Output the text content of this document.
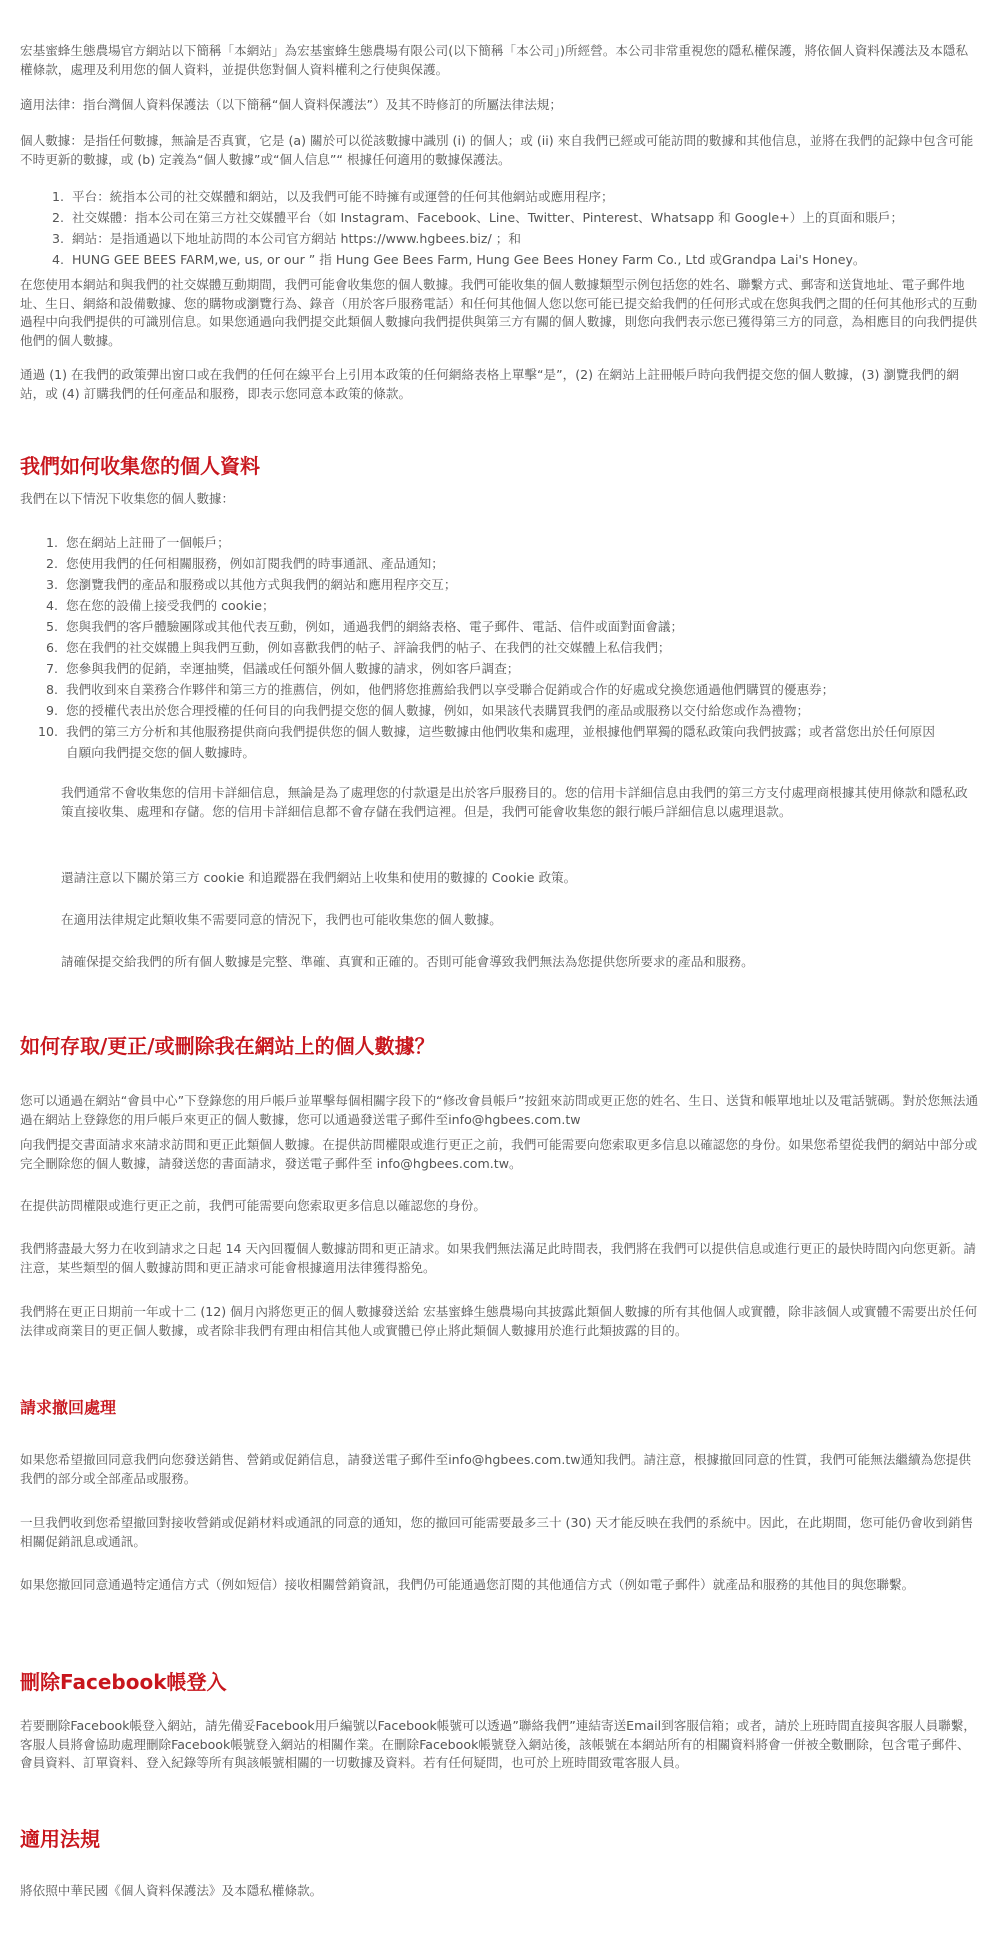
宏基蜜蜂生態農場官方網站以下簡稱「本網站」為宏基蜜蜂生態農場有限公司(以下簡稱「本公司」)所經營。本公司非常重視您的隱私權保護，將依個人資料保護法及本隱私權條款，處理及利用您的個人資料，並提供您對個人資料權利之行使與保護。

適用法律：指台灣個人資料保護法（以下簡稱“個人資料保護法”）及其不時修訂的所屬法律法規；

個人數據：是指任何數據，無論是否真實，它是 (a) 關於可以從該數據中識別 (i) 的個人；或 (ii) 來自我們已經或可能訪問的數據和其他信息，並將在我們的記錄中包含可能不時更新的數據，或 (b) 定義為“個人數據”或“個人信息”“ 根據任何適用的數據保護法。

1. 平台：統指本公司的社交媒體和網站，以及我們可能不時擁有或運營的任何其他網站或應用程序；
2. 社交媒體：指本公司在第三方社交媒體平台（如 Instagram、Facebook、Line、Twitter、Pinterest、Whatsapp 和 Google+）上的頁面和賬戶；
3. 網站：是指通過以下地址訪問的本公司官方網站 https://www.hgbees.biz/ ；和
4. HUNG GEE BEES FARM,we, us, or our ” 指 Hung Gee Bees Farm, Hung Gee Bees Honey Farm Co., Ltd 或Grandpa Lai's Honey。

在您使用本網站和與我們的社交媒體互動期間，我們可能會收集您的個人數據。我們可能收集的個人數據類型示例包括您的姓名、聯繫方式、郵寄和送貨地址、電子郵件地址、生日、網絡和設備數據、您的購物或瀏覽行為、錄音（用於客戶服務電話）和任何其他個人您以您可能已提交給我們的任何形式或在您與我們之間的任何其他形式的互動過程中向我們提供的可識別信息。如果您通過向我們提交此類個人數據向我們提供與第三方有關的個人數據，則您向我們表示您已獲得第三方的同意，為相應目的向我們提供他們的個人數據。

通過 (1) 在我們的政策彈出窗口或在我們的任何在線平台上引用本政策的任何網絡表格上單擊“是”，(2) 在網站上註冊帳戶時向我們提交您的個人數據，(3) 瀏覽我們的網站，或 (4) 訂購我們的任何產品和服務，即表示您同意本政策的條款。

我們如何收集您的個人資料

我們在以下情況下收集您的個人數據：

1. 您在網站上註冊了一個帳戶；
2. 您使用我們的任何相關服務，例如訂閱我們的時事通訊、產品通知；
3. 您瀏覽我們的產品和服務或以其他方式與我們的網站和應用程序交互；
4. 您在您的設備上接受我們的 cookie；
5. 您與我們的客戶體驗團隊或其他代表互動，例如，通過我們的網絡表格、電子郵件、電話、信件或面對面會議；
6. 您在我們的社交媒體上與我們互動，例如喜歡我們的帖子、評論我們的帖子、在我們的社交媒體上私信我們；
7. 您參與我們的促銷，幸運抽獎，倡議或任何額外個人數據的請求，例如客戶調查；
8. 我們收到來自業務合作夥伴和第三方的推薦信，例如，他們將您推薦給我們以享受聯合促銷或合作的好處或兌換您通過他們購買的優惠券；
9. 您的授權代表出於您合理授權的任何目的向我們提交您的個人數據，例如，如果該代表購買我們的產品或服務以交付給您或作為禮物；
10. 我們的第三方分析和其他服務提供商向我們提供您的個人數據，這些數據由他們收集和處理，並根據他們單獨的隱私政策向我們披露；或者當您出於任何原因自願向我們提交您的個人數據時。

我們通常不會收集您的信用卡詳細信息，無論是為了處理您的付款還是出於客戶服務目的。您的信用卡詳細信息由我們的第三方支付處理商根據其使用條款和隱私政策直接收集、處理和存儲。您的信用卡詳細信息都不會存儲在我們這裡。但是，我們可能會收集您的銀行帳戶詳細信息以處理退款。

還請注意以下關於第三方 cookie 和追蹤器在我們網站上收集和使用的數據的 Cookie 政策。

在適用法律規定此類收集不需要同意的情況下，我們也可能收集您的個人數據。

請確保提交給我們的所有個人數據是完整、準確、真實和正確的。否則可能會導致我們無法為您提供您所要求的產品和服務。

如何存取/更正/或刪除我在網站上的個人數據？

您可以通過在網站“會員中心”下登錄您的用戶帳戶並單擊每個相關字段下的“修改會員帳戶”按鈕來訪問或更正您的姓名、生日、送貨和帳單地址以及電話號碼。對於您無法通過在網站上登錄您的用戶帳戶來更正的個人數據，您可以通過發送電子郵件至info@hgbees.com.tw

向我們提交書面請求來請求訪問和更正此類個人數據。在提供訪問權限或進行更正之前，我們可能需要向您索取更多信息以確認您的身份。如果您希望從我們的網站中部分或完全刪除您的個人數據，請發送您的書面請求，發送電子郵件至 info@hgbees.com.tw。

在提供訪問權限或進行更正之前，我們可能需要向您索取更多信息以確認您的身份。

我們將盡最大努力在收到請求之日起 14 天內回覆個人數據訪問和更正請求。如果我們無法滿足此時間表，我們將在我們可以提供信息或進行更正的最快時間內向您更新。請注意，某些類型的個人數據訪問和更正請求可能會根據適用法律獲得豁免。

我們將在更正日期前一年或十二 (12) 個月內將您更正的個人數據發送給 宏基蜜蜂生態農場向其披露此類個人數據的所有其他個人或實體，除非該個人或實體不需要出於任何法律或商業目的更正個人數據，或者除非我們有理由相信其他人或實體已停止將此類個人數據用於進行此類披露的目的。

請求撤回處理

如果您希望撤回同意我們向您發送銷售、營銷或促銷信息，請發送電子郵件至info@hgbees.com.tw通知我們。請注意，根據撤回同意的性質，我們可能無法繼續為您提供我們的部分或全部產品或服務。

一旦我們收到您希望撤回對接收營銷或促銷材料或通訊的同意的通知，您的撤回可能需要最多三十 (30) 天才能反映在我們的系統中。因此，在此期間，您可能仍會收到銷售相關促銷訊息或通訊。

如果您撤回同意通過特定通信方式（例如短信）接收相關營銷資訊，我們仍可能通過您訂閱的其他通信方式（例如電子郵件）就產品和服務的其他目的與您聯繫。

刪除Facebook帳登入

若要刪除Facebook帳登入網站，請先備妥Facebook用戶編號以Facebook帳號可以透過”聯絡我們”連結寄送Email到客服信箱；或者，請於上班時間直接與客服人員聯繫，客服人員將會協助處理刪除Facebook帳號登入網站的相關作業。在刪除Facebook帳號登入網站後，該帳號在本網站所有的相關資料將會一併被全數刪除，包含電子郵件、會員資料、訂單資料、登入紀錄等所有與該帳號相關的一切數據及資料。若有任何疑問，也可於上班時間致電客服人員。

適用法規

將依照中華民國《個人資料保護法》及本隱私權條款。
